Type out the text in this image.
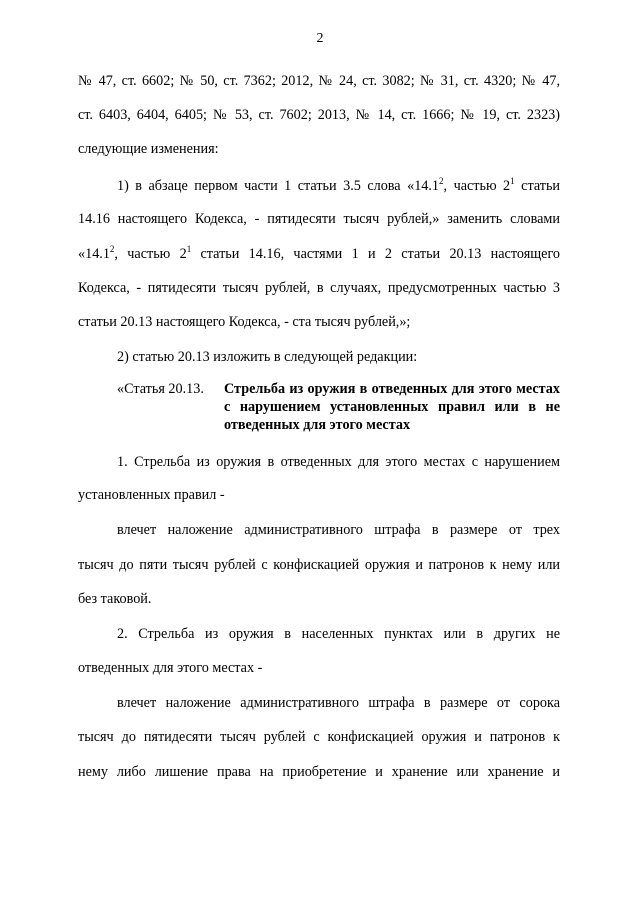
2
№ 47, ст. 6602; № 50, ст. 7362; 2012, № 24, ст. 3082; № 31, ст. 4320; № 47,
ст. 6403, 6404, 6405; № 53, ст. 7602; 2013, № 14, ст. 1666; № 19, ст. 2323)
следующие изменения:
1) в абзаце первом части 1 статьи 3.5 слова «14.1$^2$, частью $2^1$ статьи
14.16 настоящего Кодекса, - пятидесяти тысяч рублей,» заменить словами
«14.1$^2$, частью $2^1$ статьи 14.16, частями 1 и 2 статьи 20.13 настоящего
Кодекса, - пятидесяти тысяч рублей, в случаях, предусмотренных частью 3
статьи 20.13 настоящего Кодекса, - ста тысяч рублей,»;
2) статью 20.13 изложить в следующей редакции:
«Статья 20.13.	Стрельба из оружия в отведенных для этого местах
с нарушением установленных правил или в не
отведенных для этого местах
1. Стрельба из оружия в отведенных для этого местах с нарушением
установленных правил -
влечет наложение административного штрафа в размере от трех
тысяч до пяти тысяч рублей с конфискацией оружия и патронов к нему или
без таковой.
2. Стрельба из оружия в населенных пунктах или в других не
отведенных для этого местах -
влечет наложение административного штрафа в размере от сорока
тысяч до пятидесяти тысяч рублей с конфискацией оружия и патронов к
нему либо лишение права на приобретение и хранение или хранение и
